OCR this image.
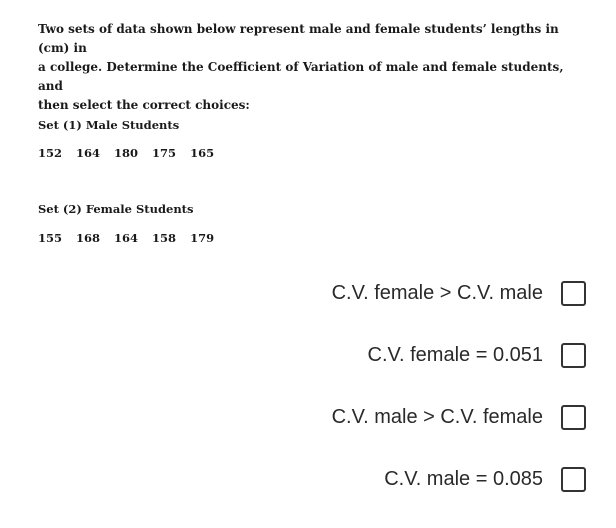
Two sets of data shown below represent male and female students’ lengths in (cm) in
a college. Determine the Coefficient of Variation of male and female students, and
then select the correct choices:
Set (1) Male Students
152 164 180 175 165
Set (2) Female Students
155 168 164 158 179
C.V. female > C.V. male
C.V. female = 0.051
C.V. male > C.V. female
C.V. male = 0.085
